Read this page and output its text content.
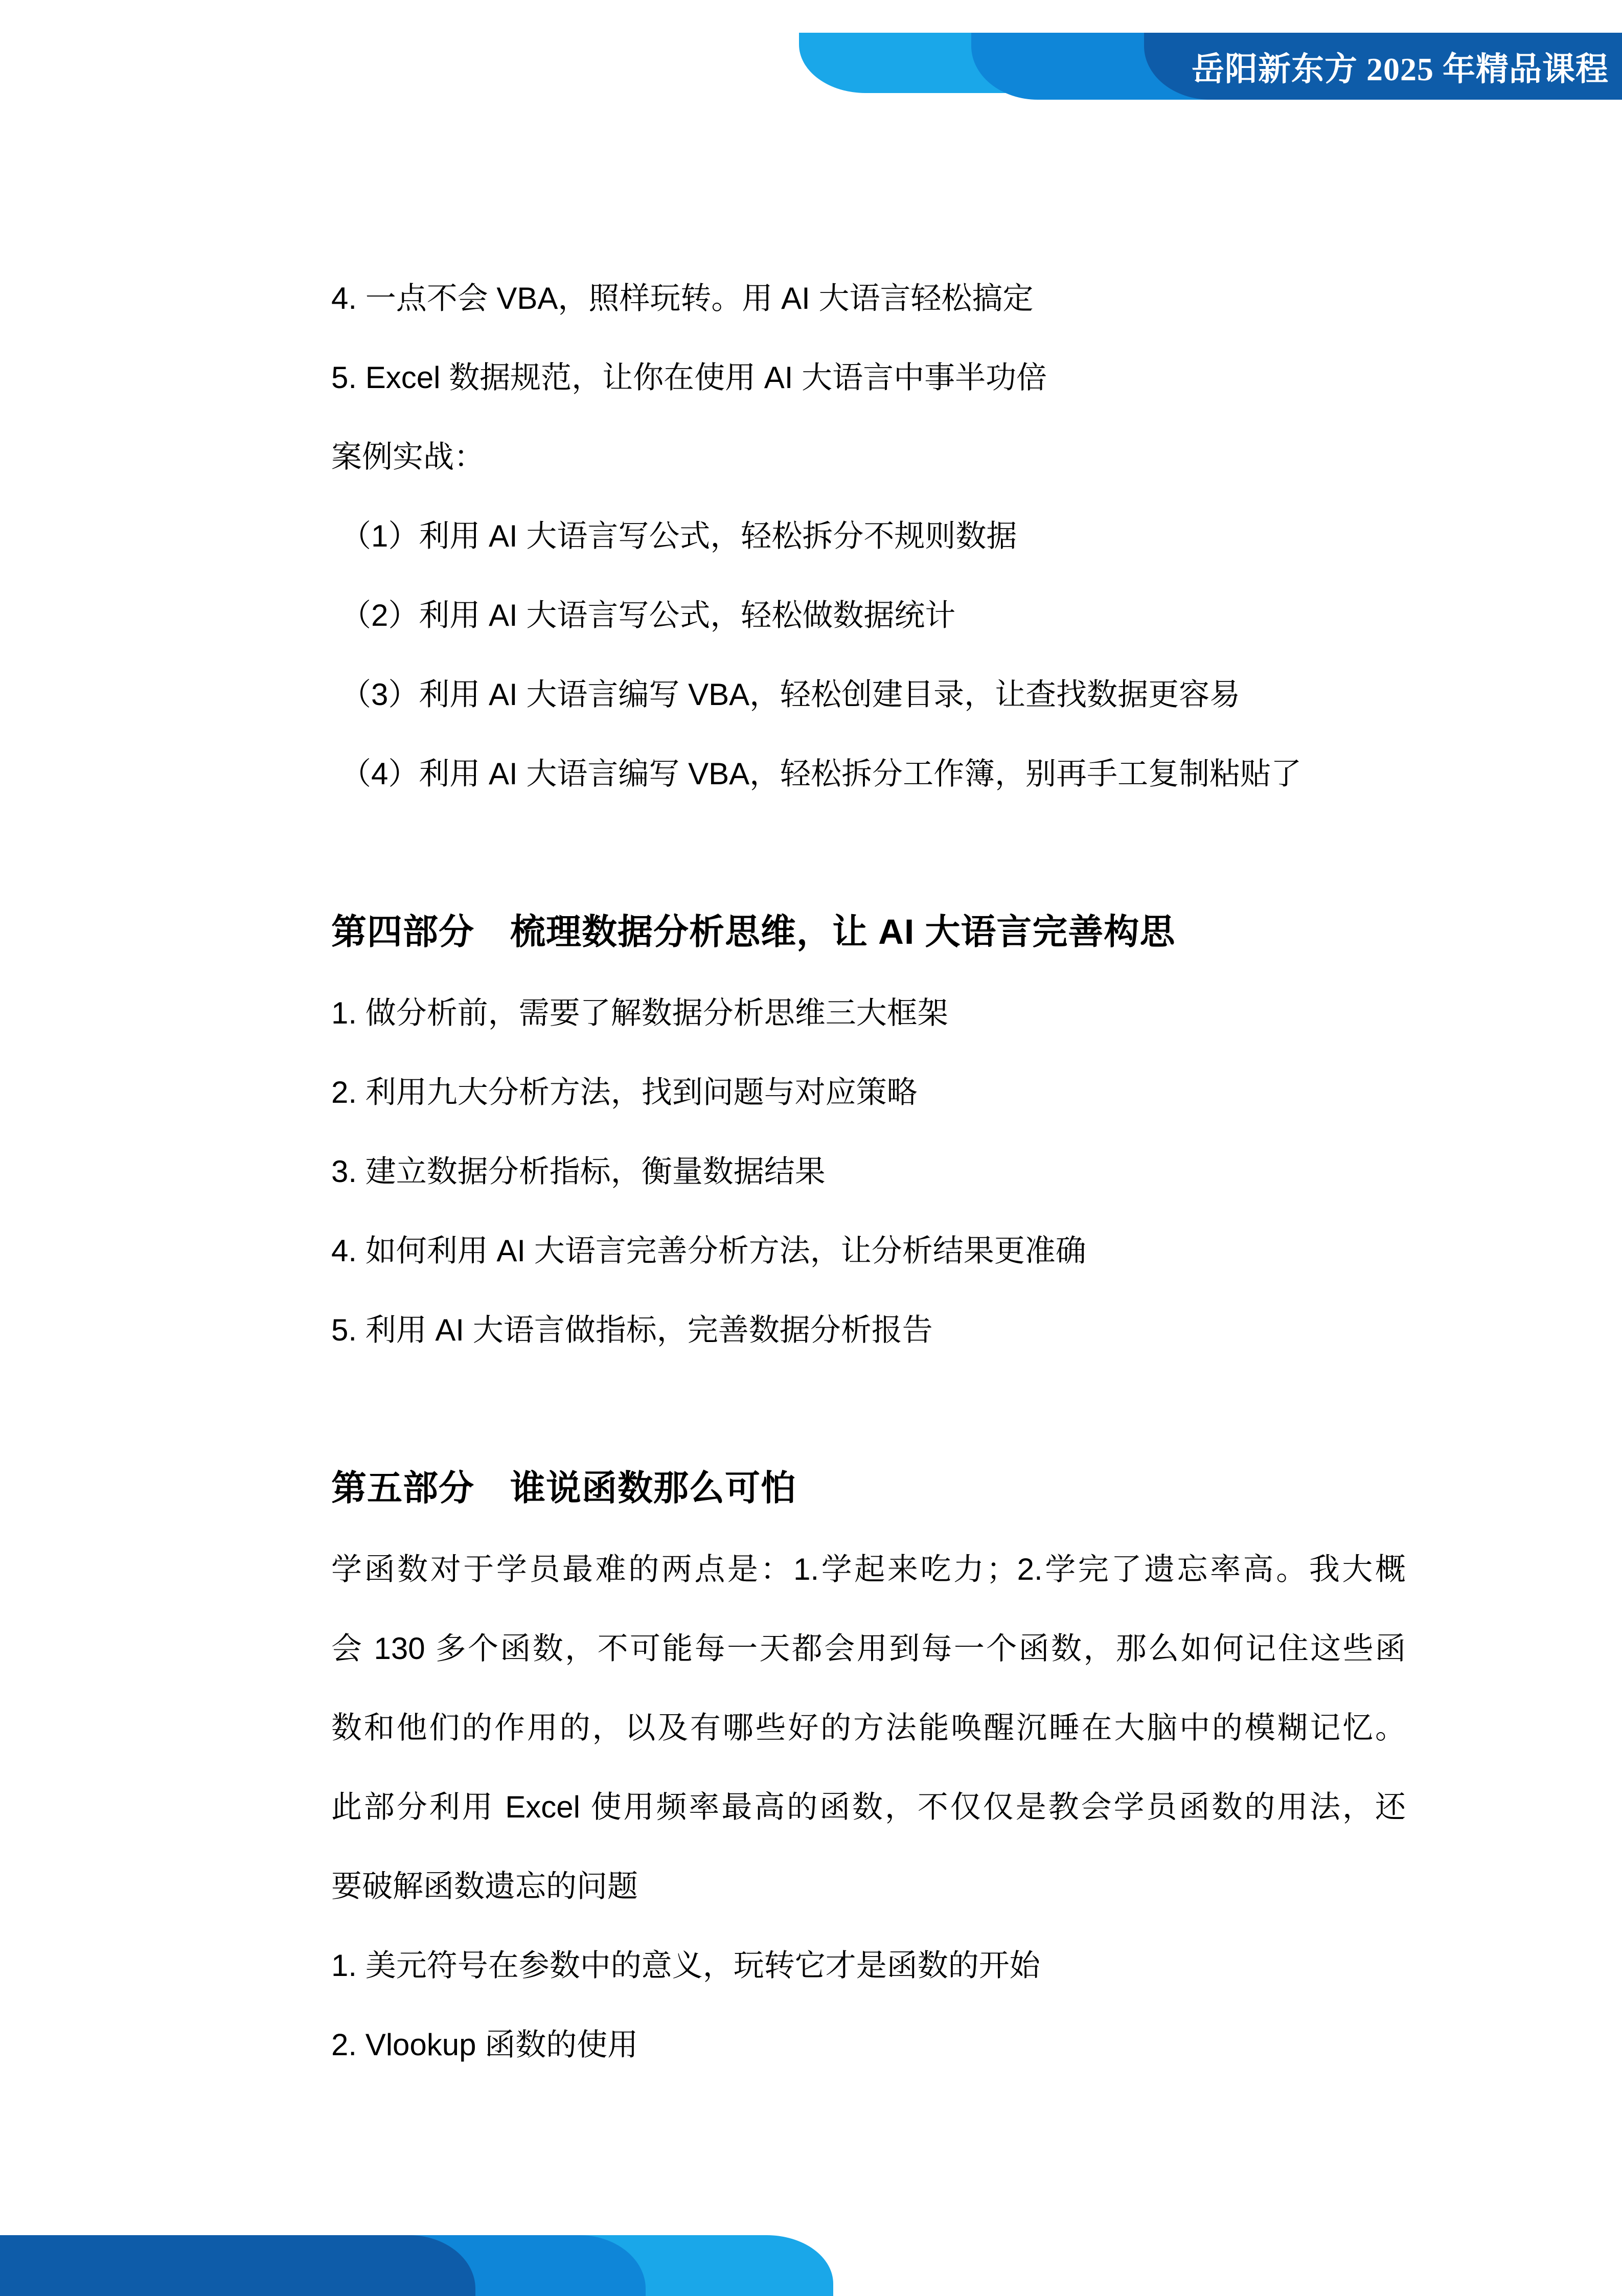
岳阳新东方 2025 年精品课程
4. 一点不会 VBA，照样玩转。用 AI 大语言轻松搞定
5. Excel 数据规范，让你在使用 AI 大语言中事半功倍
案例实战：
（1）利用 AI 大语言写公式，轻松拆分不规则数据
（2）利用 AI 大语言写公式，轻松做数据统计
（3）利用 AI 大语言编写 VBA，轻松创建目录，让查找数据更容易
（4）利用 AI 大语言编写 VBA，轻松拆分工作簿，别再手工复制粘贴了
第四部分　梳理数据分析思维，让 AI 大语言完善构思
1. 做分析前，需要了解数据分析思维三大框架
2. 利用九大分析方法，找到问题与对应策略
3. 建立数据分析指标，衡量数据结果
4. 如何利用 AI 大语言完善分析方法，让分析结果更准确
5. 利用 AI 大语言做指标，完善数据分析报告
第五部分　谁说函数那么可怕
学函数对于学员最难的两点是：1.学起来吃力；2.学完了遗忘率高。我大概
会 130 多个函数，不可能每一天都会用到每一个函数，那么如何记住这些函
数和他们的作用的，以及有哪些好的方法能唤醒沉睡在大脑中的模糊记忆。
此部分利用 Excel 使用频率最高的函数，不仅仅是教会学员函数的用法，还
要破解函数遗忘的问题
1. 美元符号在参数中的意义，玩转它才是函数的开始
2. Vlookup 函数的使用
